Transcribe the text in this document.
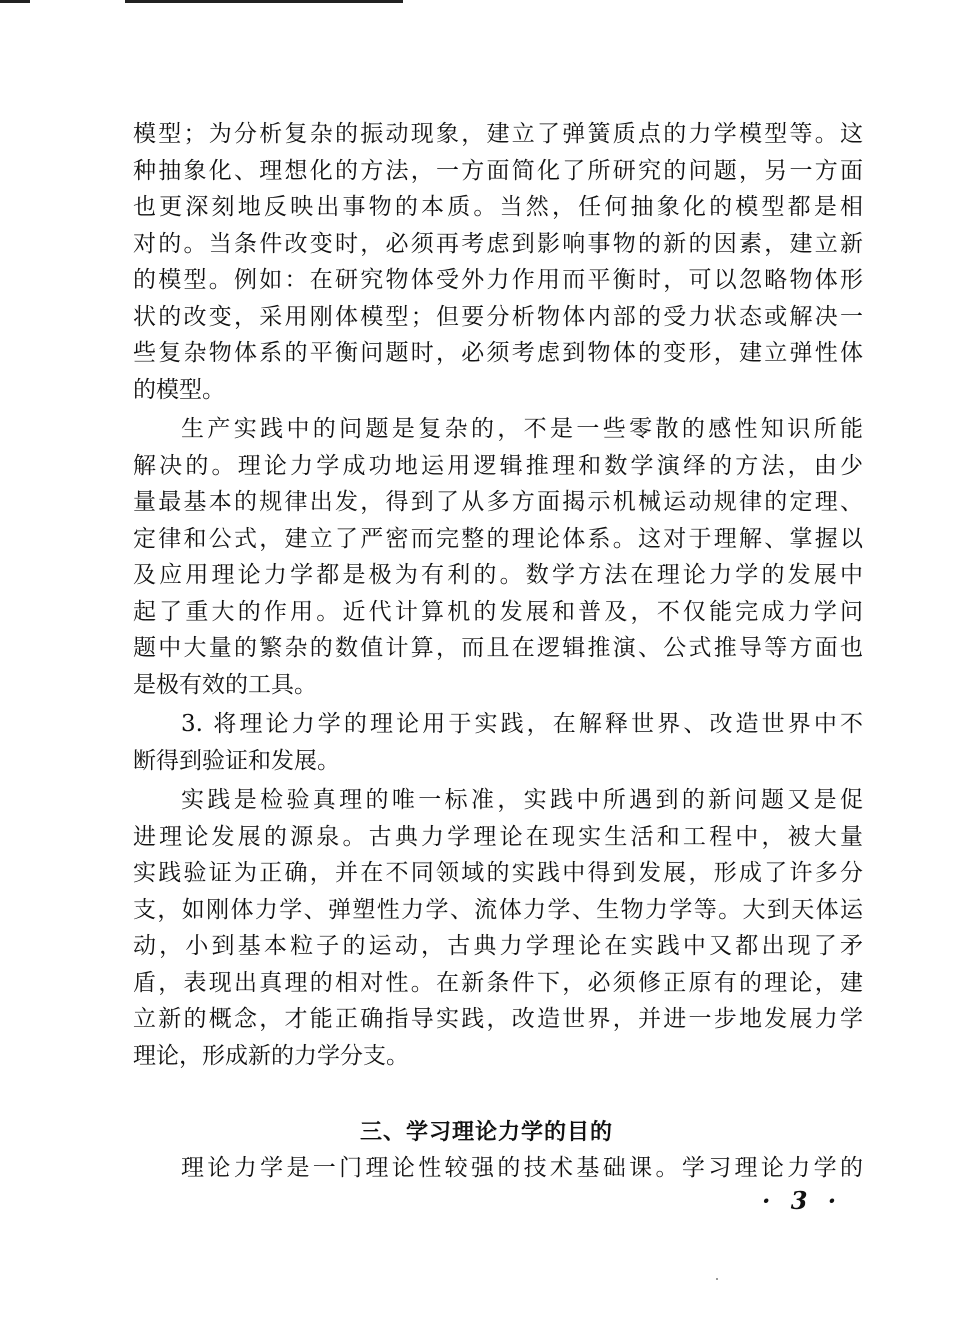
模型；为分析复杂的振动现象，建立了弹簧质点的力学模型等。这
种抽象化、理想化的方法，一方面简化了所研究的问题，另一方面
也更深刻地反映出事物的本质。当然，任何抽象化的模型都是相
对的。当条件改变时，必须再考虑到影响事物的新的因素，建立新
的模型。例如：在研究物体受外力作用而平衡时，可以忽略物体形
状的改变，采用刚体模型；但要分析物体内部的受力状态或解决一
些复杂物体系的平衡问题时，必须考虑到物体的变形，建立弹性体
的模型。
生产实践中的问题是复杂的，不是一些零散的感性知识所能
解决的。理论力学成功地运用逻辑推理和数学演绎的方法，由少
量最基本的规律出发，得到了从多方面揭示机械运动规律的定理、
定律和公式，建立了严密而完整的理论体系。这对于理解、掌握以
及应用理论力学都是极为有利的。数学方法在理论力学的发展中
起了重大的作用。近代计算机的发展和普及，不仅能完成力学问
题中大量的繁杂的数值计算，而且在逻辑推演、公式推导等方面也
是极有效的工具。
3. 将理论力学的理论用于实践，在解释世界、改造世界中不
断得到验证和发展。
实践是检验真理的唯一标准，实践中所遇到的新问题又是促
进理论发展的源泉。古典力学理论在现实生活和工程中，被大量
实践验证为正确，并在不同领域的实践中得到发展，形成了许多分
支，如刚体力学、弹塑性力学、流体力学、生物力学等。大到天体运
动，小到基本粒子的运动，古典力学理论在实践中又都出现了矛
盾，表现出真理的相对性。在新条件下，必须修正原有的理论，建
立新的概念，才能正确指导实践，改造世界，并进一步地发展力学
理论，形成新的力学分支。
三、学习理论力学的目的
理论力学是一门理论性较强的技术基础课。学习理论力学的
· 3 ·
